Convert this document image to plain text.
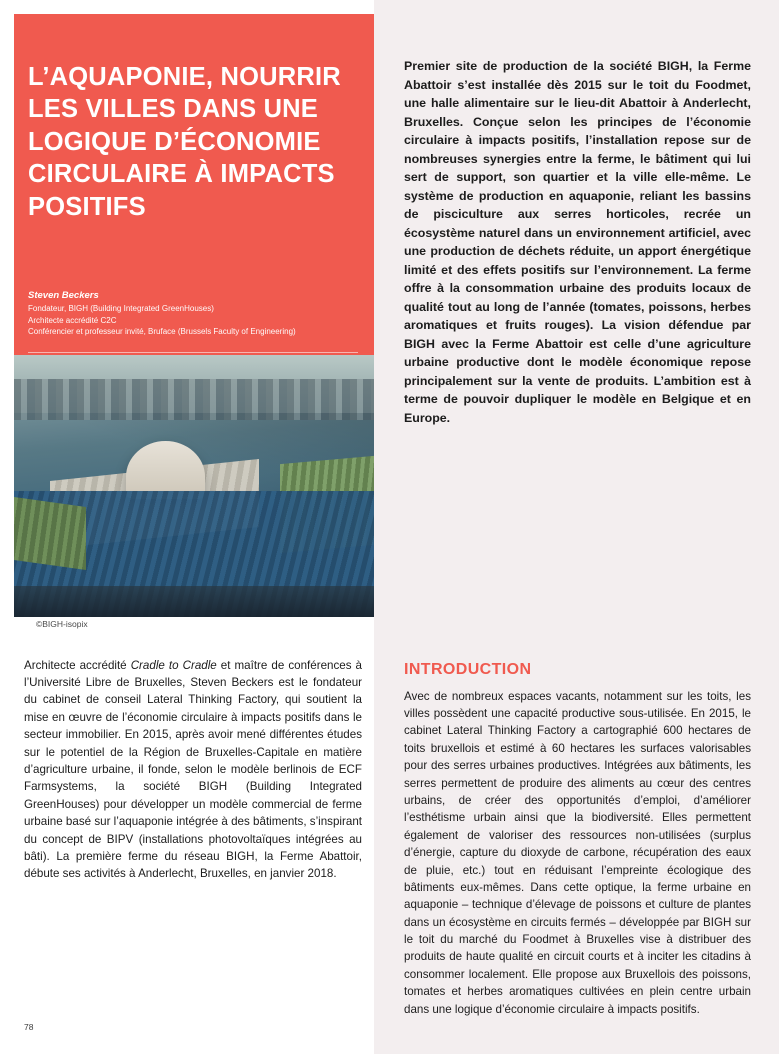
L’AQUAPONIE, NOURRIR LES VILLES DANS UNE LOGIQUE D’ÉCONOMIE CIRCULAIRE À IMPACTS POSITIFS
Steven Beckers
Fondateur, BIGH (Building Integrated GreenHouses)
Architecte accrédité C2C
Conférencier et professeur invité, Bruface (Brussels Faculty of Engineering)
©BIGH-isopix

Architecte accrédité Cradle to Cradle et maître de conférences à l’Université Libre de Bruxelles, Steven Beckers est le fondateur du cabinet de conseil Lateral Thinking Factory, qui soutient la mise en œuvre de l’économie circulaire à impacts positifs dans le secteur immobilier. En 2015, après avoir mené différentes études sur le potentiel de la Région de Bruxelles-Capitale en matière d’agriculture urbaine, il fonde, selon le modèle berlinois de ECF Farmsystems, la société BIGH (Building Integrated GreenHouses) pour développer un modèle commercial de ferme urbaine basé sur l’aquaponie intégrée à des bâtiments, s’inspirant du concept de BIPV (installations photovoltaïques intégrées au bâti). La première ferme du réseau BIGH, la Ferme Abattoir, débute ses activités à Anderlecht, Bruxelles, en janvier 2018.

78

Premier site de production de la société BIGH, la Ferme Abattoir s’est installée dès 2015 sur le toit du Foodmet, une halle alimentaire sur le lieu-dit Abattoir à Anderlecht, Bruxelles. Conçue selon les principes de l’économie circulaire à impacts positifs, l’installation repose sur de nombreuses synergies entre la ferme, le bâtiment qui lui sert de support, son quartier et la ville elle-même. Le système de production en aquaponie, reliant les bassins de pisciculture aux serres horticoles, recrée un écosystème naturel dans un environnement artificiel, avec une production de déchets réduite, un apport énergétique limité et des effets positifs sur l’environnement. La ferme offre à la consommation urbaine des produits locaux de qualité tout au long de l’année (tomates, poissons, herbes aromatiques et fruits rouges). La vision défendue par BIGH avec la Ferme Abattoir est celle d’une agriculture urbaine productive dont le modèle économique repose principalement sur la vente de produits. L’ambition est à terme de pouvoir dupliquer le modèle en Belgique et en Europe.

INTRODUCTION

Avec de nombreux espaces vacants, notamment sur les toits, les villes possèdent une capacité productive sous-utilisée. En 2015, le cabinet Lateral Thinking Factory a cartographié 600 hectares de toits bruxellois et estimé à 60 hectares les surfaces valorisables pour des serres urbaines productives. Intégrées aux bâtiments, les serres permettent de produire des aliments au cœur des centres urbains, de créer des opportunités d’emploi, d’améliorer l’esthétisme urbain ainsi que la biodiversité. Elles permettent également de valoriser des ressources non-utilisées (surplus d’énergie, capture du dioxyde de carbone, récupération des eaux de pluie, etc.) tout en réduisant l’empreinte écologique des bâtiments eux-mêmes. Dans cette optique, la ferme urbaine en aquaponie – technique d’élevage de poissons et culture de plantes dans un écosystème en circuits fermés – développée par BIGH sur le toit du marché du Foodmet à Bruxelles vise à distribuer des produits de haute qualité en circuit courts et à inciter les citadins à consommer localement. Elle propose aux Bruxellois des poissons, tomates et herbes aromatiques cultivées en plein centre urbain dans une logique d’économie circulaire à impacts positifs.
